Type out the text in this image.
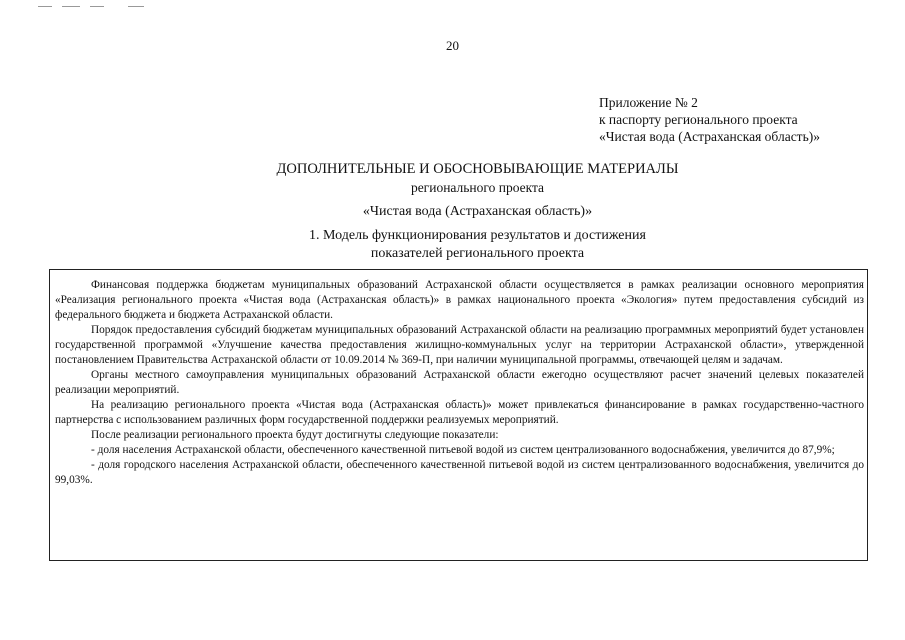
20
Приложение № 2
к паспорту регионального проекта
«Чистая вода (Астраханская область)»
ДОПОЛНИТЕЛЬНЫЕ И ОБОСНОВЫВАЮЩИЕ МАТЕРИАЛЫ
регионального проекта
«Чистая вода (Астраханская область)»
1. Модель функционирования результатов и достижения
показателей регионального проекта

Финансовая поддержка бюджетам муниципальных образований Астраханской области осуществляется в рамках реализации основного мероприятия «Реализация регионального проекта «Чистая вода (Астраханская область)» в рамках национального проекта «Экология» путем предоставления субсидий из федерального бюджета и бюджета Астраханской области.

Порядок предоставления субсидий бюджетам муниципальных образований Астраханской области на реализацию программных мероприятий будет установлен государственной программой «Улучшение качества предоставления жилищно-коммунальных услуг на территории Астраханской области», утвержденной постановлением Правительства Астраханской области от 10.09.2014 № 369-П, при наличии муниципальной программы, отвечающей целям и задачам.

Органы местного самоуправления муниципальных образований Астраханской области ежегодно осуществляют расчет значений целевых показателей реализации мероприятий.

На реализацию регионального проекта «Чистая вода (Астраханская область)» может привлекаться финансирование в рамках государственно-частного партнерства с использованием различных форм государственной поддержки реализуемых мероприятий.

После реализации регионального проекта будут достигнуты следующие показатели:

- доля населения Астраханской области, обеспеченного качественной питьевой водой из систем централизованного водоснабжения, увеличится до 87,9%;

- доля городского населения Астраханской области, обеспеченного качественной питьевой водой из систем централизованного водоснабжения, увеличится до 99,03%.
